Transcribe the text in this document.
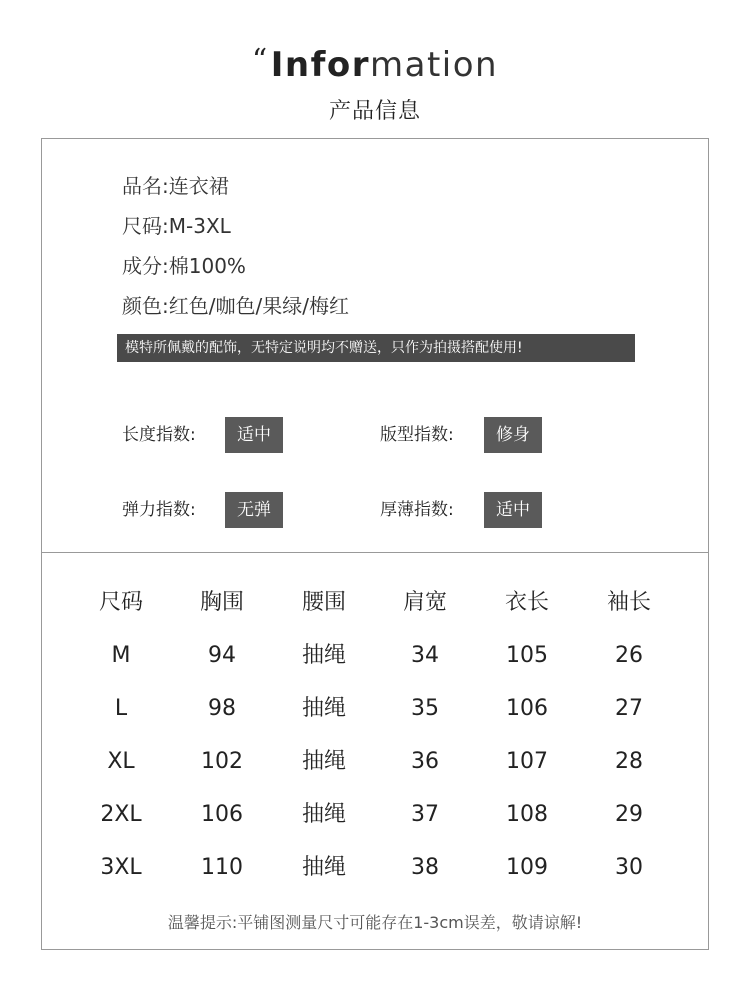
“Information
产品信息
品名:连衣裙
尺码:M-3XL
成分:棉100%
颜色:红色/咖色/果绿/梅红
模特所佩戴的配饰，无特定说明均不赠送，只作为拍摄搭配使用!
长度指数:	适中	版型指数:	修身
弹力指数:	无弹	厚薄指数:	适中
尺码	胸围	腰围	肩宽	衣长	袖长
M	94	抽绳	34	105	26
L	98	抽绳	35	106	27
XL	102	抽绳	36	107	28
2XL	106	抽绳	37	108	29
3XL	110	抽绳	38	109	30
温馨提示:平铺图测量尺寸可能存在1-3cm误差，敬请谅解!
